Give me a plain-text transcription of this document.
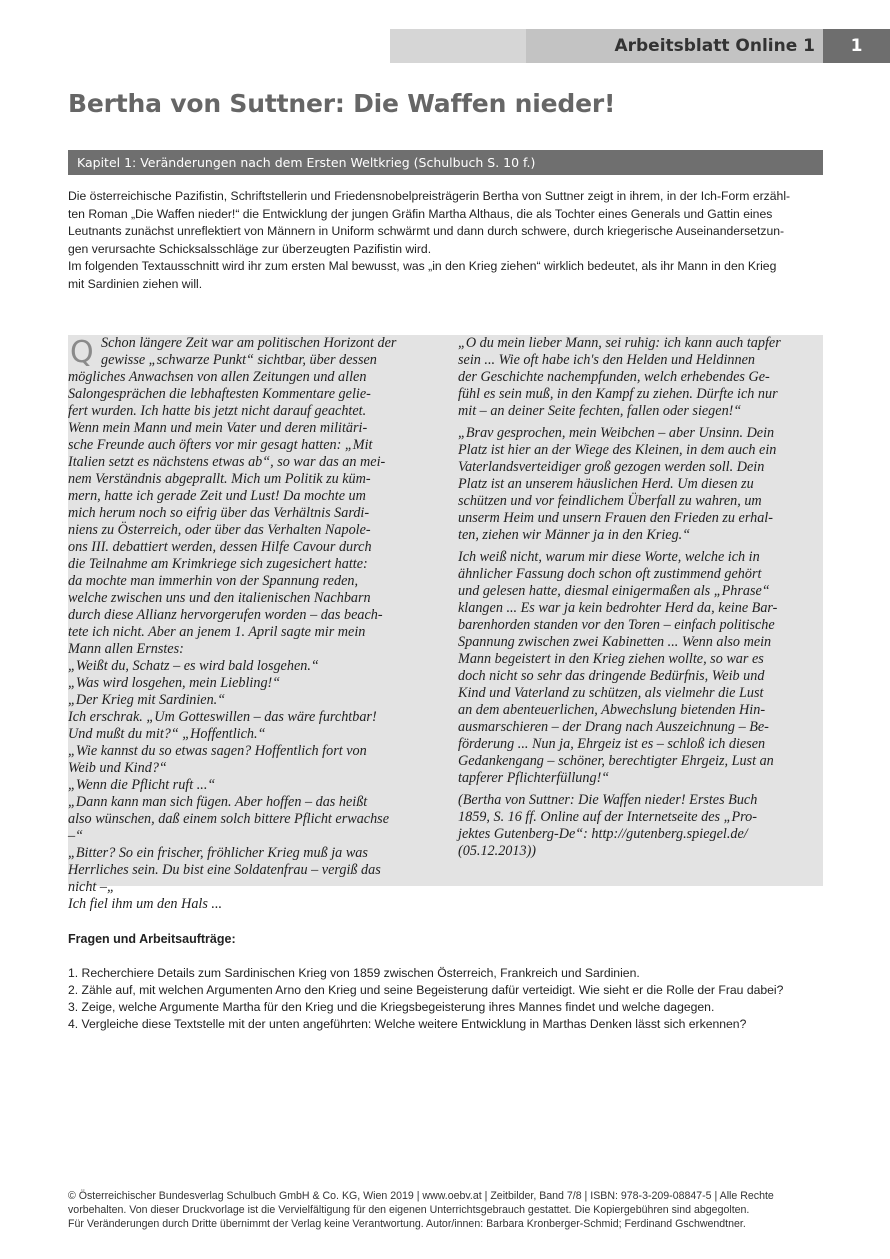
Arbeitsblatt Online 1	1
Bertha von Suttner: Die Waffen nieder!
Kapitel 1: Veränderungen nach dem Ersten Weltkrieg (Schulbuch S. 10 f.)

Die österreichische Pazifistin, Schriftstellerin und Friedensnobelpreisträgerin Bertha von Suttner zeigt in ihrem, in der Ich-Form erzähl-
ten Roman „Die Waffen nieder!“ die Entwicklung der jungen Gräfin Martha Althaus, die als Tochter eines Generals und Gattin eines
Leutnants zunächst unreflektiert von Männern in Uniform schwärmt und dann durch schwere, durch kriegerische Auseinandersetzun-
gen verursachte Schicksalsschläge zur überzeugten Pazifistin wird.

Im folgenden Textausschnitt wird ihr zum ersten Mal bewusst, was „in den Krieg ziehen“ wirklich bedeutet, als ihr Mann in den Krieg
mit Sardinien ziehen will.

Q Schon längere Zeit war am politischen Horizont der
gewisse „schwarze Punkt“ sichtbar, über dessen
mögliches Anwachsen von allen Zeitungen und allen
Salongesprächen die lebhaftesten Kommentare gelie-
fert wurden. Ich hatte bis jetzt nicht darauf geachtet.
Wenn mein Mann und mein Vater und deren militäri-
sche Freunde auch öfters vor mir gesagt hatten: „Mit
Italien setzt es nächstens etwas ab“, so war das an mei-
nem Verständnis abgeprallt. Mich um Politik zu küm-
mern, hatte ich gerade Zeit und Lust! Da mochte um
mich herum noch so eifrig über das Verhältnis Sardi-
niens zu Österreich, oder über das Verhalten Napole-
ons III. debattiert werden, dessen Hilfe Cavour durch
die Teilnahme am Krimkriege sich zugesichert hatte:
da mochte man immerhin von der Spannung reden,
welche zwischen uns und den italienischen Nachbarn
durch diese Allianz hervorgerufen worden – das beach-
tete ich nicht. Aber an jenem 1. April sagte mir mein
Mann allen Ernstes:

„Weißt du, Schatz – es wird bald losgehen.“

„Was wird losgehen, mein Liebling!“

„Der Krieg mit Sardinien.“

Ich erschrak. „Um Gotteswillen – das wäre furchtbar!
Und mußt du mit?“ „Hoffentlich.“

„Wie kannst du so etwas sagen? Hoffentlich fort von
Weib und Kind?“

„Wenn die Pflicht ruft ...“

„Dann kann man sich fügen. Aber hoffen – das heißt
also wünschen, daß einem solch bittere Pflicht erwachse
–“

„Bitter? So ein frischer, fröhlicher Krieg muß ja was
Herrliches sein. Du bist eine Soldatenfrau – vergiß das
nicht –„
Ich fiel ihm um den Hals ...

„O du mein lieber Mann, sei ruhig: ich kann auch tapfer
sein ... Wie oft habe ich's den Helden und Heldinnen
der Geschichte nachempfunden, welch erhebendes Ge-
fühl es sein muß, in den Kampf zu ziehen. Dürfte ich nur
mit – an deiner Seite fechten, fallen oder siegen!“

„Brav gesprochen, mein Weibchen – aber Unsinn. Dein
Platz ist hier an der Wiege des Kleinen, in dem auch ein
Vaterlandsverteidiger groß gezogen werden soll. Dein
Platz ist an unserem häuslichen Herd. Um diesen zu
schützen und vor feindlichem Überfall zu wahren, um
unserm Heim und unsern Frauen den Frieden zu erhal-
ten, ziehen wir Männer ja in den Krieg.“

Ich weiß nicht, warum mir diese Worte, welche ich in
ähnlicher Fassung doch schon oft zustimmend gehört
und gelesen hatte, diesmal einigermaßen als „Phrase“
klangen ... Es war ja kein bedrohter Herd da, keine Bar-
barenhorden standen vor den Toren – einfach politische
Spannung zwischen zwei Kabinetten ... Wenn also mein
Mann begeistert in den Krieg ziehen wollte, so war es
doch nicht so sehr das dringende Bedürfnis, Weib und
Kind und Vaterland zu schützen, als vielmehr die Lust
an dem abenteuerlichen, Abwechslung bietenden Hin-
ausmarschieren – der Drang nach Auszeichnung – Be-
förderung ... Nun ja, Ehrgeiz ist es – schloß ich diesen
Gedankengang – schöner, berechtigter Ehrgeiz, Lust an
tapferer Pflichterfüllung!“

(Bertha von Suttner: Die Waffen nieder! Erstes Buch
1859, S. 16 ff. Online auf der Internetseite des „Pro-
jektes Gutenberg-De“: http://gutenberg.spiegel.de/
(05.12.2013))

Fragen und Arbeitsaufträge:
1. Recherchiere Details zum Sardinischen Krieg von 1859 zwischen Österreich, Frankreich und Sardinien.
2. Zähle auf, mit welchen Argumenten Arno den Krieg und seine Begeisterung dafür verteidigt. Wie sieht er die Rolle der Frau dabei?
3. Zeige, welche Argumente Martha für den Krieg und die Kriegsbegeisterung ihres Mannes findet und welche dagegen.
4. Vergleiche diese Textstelle mit der unten angeführten: Welche weitere Entwicklung in Marthas Denken lässt sich erkennen?
© Österreichischer Bundesverlag Schulbuch GmbH & Co. KG, Wien 2019 | www.oebv.at | Zeitbilder, Band 7/8 | ISBN: 978-3-209-08847-5 | Alle Rechte
vorbehalten. Von dieser Druckvorlage ist die Vervielfältigung für den eigenen Unterrichtsgebrauch gestattet. Die Kopiergebühren sind abgegolten.
Für Veränderungen durch Dritte übernimmt der Verlag keine Verantwortung. Autor/innen: Barbara Kronberger-Schmid; Ferdinand Gschwendtner.
